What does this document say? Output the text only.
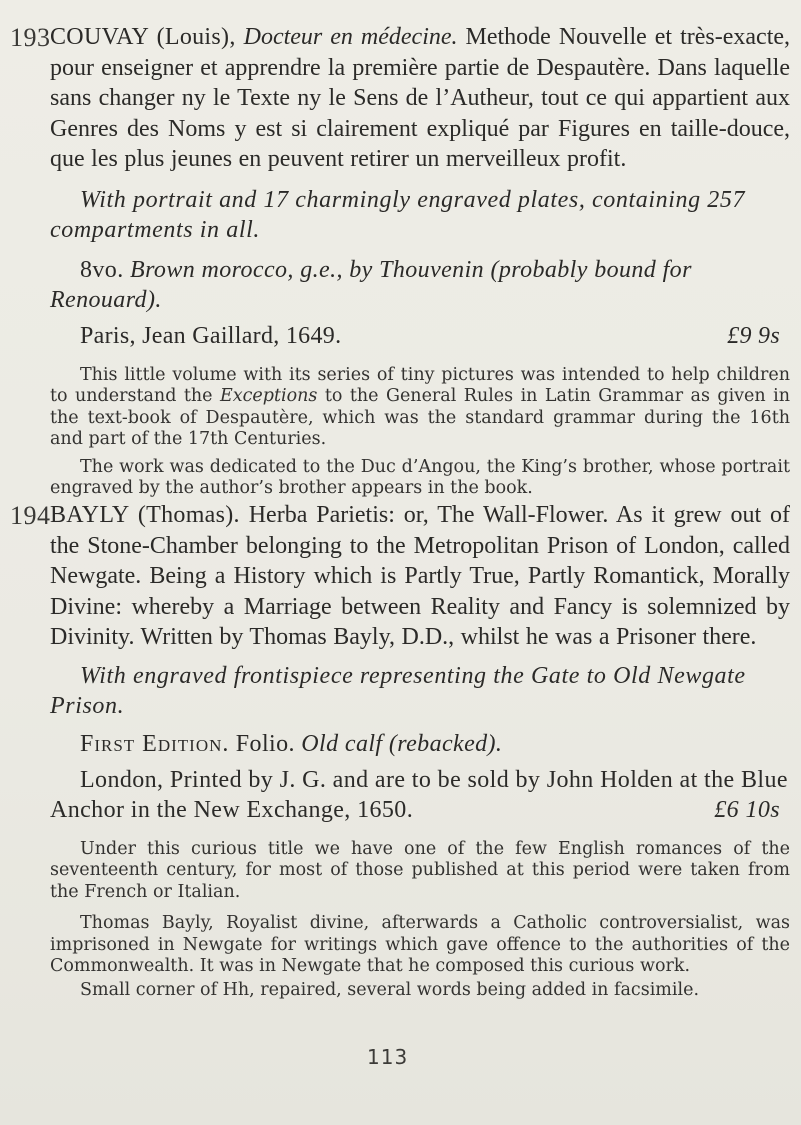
193 COUVAY (Louis), Docteur en médecine. Methode Nouvelle et très-exacte, pour enseigner et apprendre la première partie de Despautère. Dans laquelle sans changer ny le Texte ny le Sens de l’Autheur, tout ce qui appartient aux Genres des Noms y est si clairement expliqué par Figures en taille-douce, que les plus jeunes en peuvent retirer un merveilleux profit.

With portrait and 17 charmingly engraved plates, containing 257 compartments in all.

8vo. Brown morocco, g.e., by Thouvenin (probably bound for Renouard).

Paris, Jean Gaillard, 1649.	£9 9s

This little volume with its series of tiny pictures was intended to help children to understand the Exceptions to the General Rules in Latin Grammar as given in the text-book of Despautère, which was the standard grammar during the 16th and part of the 17th Centuries.

The work was dedicated to the Duc d’Angou, the King’s brother, whose portrait engraved by the author’s brother appears in the book.

194 BAYLY (Thomas). Herba Parietis: or, The Wall-Flower. As it grew out of the Stone-Chamber belonging to the Metropolitan Prison of London, called Newgate. Being a History which is Partly True, Partly Romantick, Morally Divine: whereby a Marriage between Reality and Fancy is solemnized by Divinity. Written by Thomas Bayly, D.D., whilst he was a Prisoner there.

With engraved frontispiece representing the Gate to Old Newgate Prison.

First Edition. Folio. Old calf (rebacked).

London, Printed by J. G. and are to be sold by John Holden at the Blue Anchor in the New Exchange, 1650.	£6 10s

Under this curious title we have one of the few English romances of the seventeenth century, for most of those published at this period were taken from the French or Italian.

Thomas Bayly, Royalist divine, afterwards a Catholic controversialist, was imprisoned in Newgate for writings which gave offence to the authorities of the Commonwealth. It was in Newgate that he composed this curious work.

Small corner of Hh, repaired, several words being added in facsimile.

113
